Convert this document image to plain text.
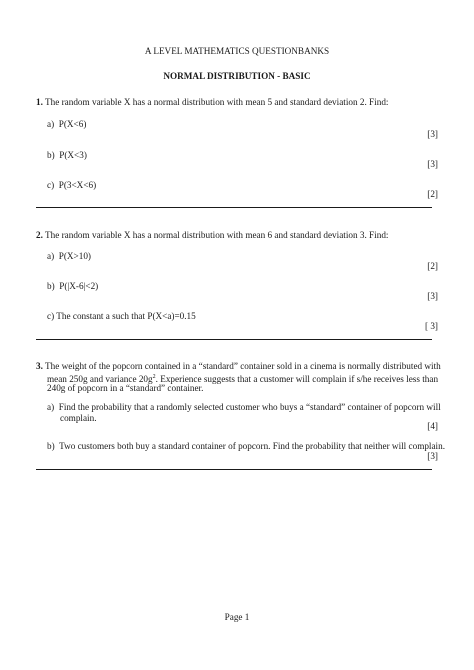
A LEVEL MATHEMATICS QUESTIONBANKS
NORMAL DISTRIBUTION - BASIC
1. The random variable X has a normal distribution with mean 5 and standard deviation 2. Find:
a) P(X<6)
[3]
b) P(X<3)
[3]
c) P(3<X<6)
[2]
2. The random variable X has a normal distribution with mean 6 and standard deviation 3. Find:
a) P(X>10)
[2]
b) P(|X-6|<2)
[3]
c) The constant a such that P(X<a)=0.15
[ 3]
3. The weight of the popcorn contained in a “standard” container sold in a cinema is normally distributed with
mean 250g and variance $20g^2$. Experience suggests that a customer will complain if s/he receives less than
240g of popcorn in a “standard” container.
a) Find the probability that a randomly selected customer who buys a “standard” container of popcorn will
complain.
[4]
b) Two customers both buy a standard container of popcorn. Find the probability that neither will complain.
[3]
Page 1
